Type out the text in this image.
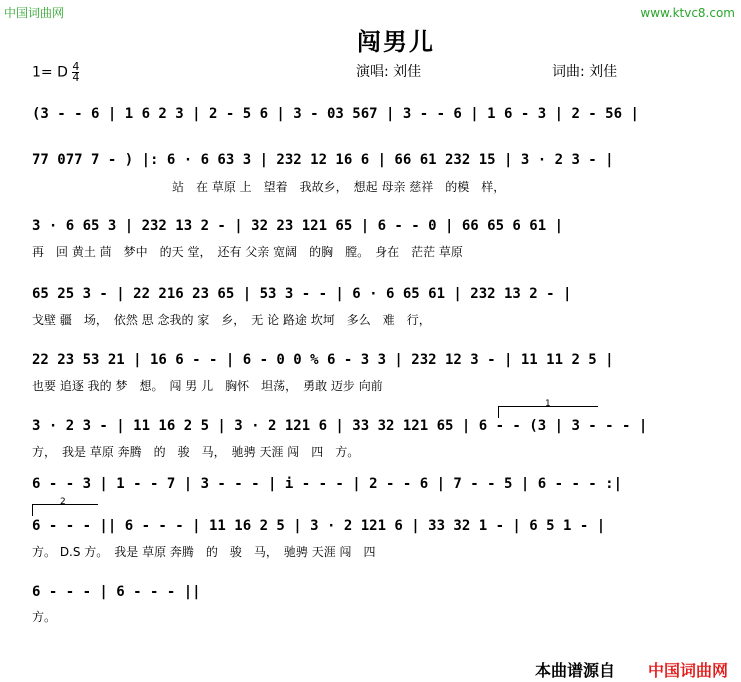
中国词曲网	www.ktvc8.com
闯男儿
1= D $\frac{4}{4}$	演唱: 刘佳	词曲: 刘佳
(3 - - 6 | 1 6 2 3 | 2 - 5 6 | 3 - 03 567 | 3 - - 6 | 1 6 - 3 | 2 - 56 |
77 077 7 - ) |: 6 · 6 63 3 | 232 12 16 6 | 66 61 232 15 | 3 · 2 3 - |
站　在 草原 上　望着　我故乡，　想起 母亲 慈祥　的模　样，
3 · 6 65 3 | 232 13 2 - | 32 23 121 65 | 6 - - 0 | 66 65 6 61 |
再　回 黄土 茴　梦中　的天 堂，　还有 父亲 宽阔　的胸　膛。　身在　茫茫 草原
65 25 3 - | 22 216 23 65 | 53 3 - - | 6 · 6 65 61 | 232 13 2 - |
戈壁 疆　场，　依然 思 念我的 家　乡，　无 论 路途 坎坷　多么　难　行，
22 23 53 21 | 16 6 - - | 6 - 0 0 % 6 - 3 3 | 232 12 3 - | 11 11 2 5 |
也要 追逐 我的 梦　想。　闯 男 儿　胸怀　坦荡，　勇敢 迈步 向前
1
3 · 2 3 - | 11 16 2 5 | 3 · 2 121 6 | 33 32 121 65 | 6 - - (3 | 3 - - - |
方，　我是 草原 奔腾　的　骏　马，　驰骋 天涯 闯　四　方。
6 - - 3 | 1 - - 7 | 3 - - - | i - - - | 2 - - 6 | 7 - - 5 | 6 - - - :|
2
6 - - - || 6 - - - | 11 16 2 5 | 3 · 2 121 6 | 33 32 1 - | 6 5 1 - |
方。 D.S 方。　我是 草原 奔腾　的　骏　马，　驰骋 天涯 闯　四
6 - - - | 6 - - - ||
方。
本曲谱源自 中国词曲网
